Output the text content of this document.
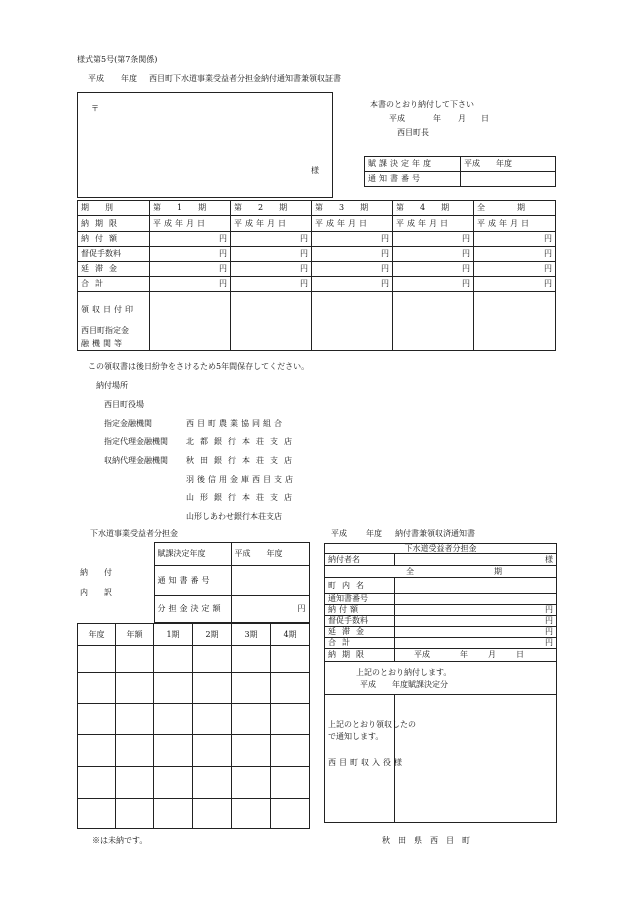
様式第5号(第7条関係)
平成 年度 西目町下水道事業受益者分担金納付通知書兼領収証書
〒
様
本書のとおり納付して下さい
平成	年 月 日
西目町長
賦課決定年度	平成　　年度
通知書番号	
期　　別	第　　1　　期	第　　2　　期	第　　3　　期	第　　4　　期	全　　　　期
納期限	平成年月日	平成年月日	平成年月日	平成年月日	平成年月日
納付額	円	円	円	円	円
督促手数料	円	円	円	円	円
延滞金	円	円	円	円	円
合計	円	円	円	円	円

領収日付印
西目町指定金
融機関等					

この領収書は後日紛争をさけるため5年間保存してください。
納付場所
西目町役場
指定金融機関	西目町農業協同組合
指定代理金融機関 北都銀行本荘支店
収納代理金融機関 秋田銀行本荘支店
羽後信用金庫西目支店
山形銀行本荘支店
山形しあわせ銀行本荘支店
下水道事業受益者分担金
納　　付
内　　訳	賦課決定年度	平成　　年度
	通知書番号	
	分担金決定額	円
年度	年額	1期	2期	3期	4期

※は未納です。
平成 年度 納付書兼領収済通知書
下水道受益者分担金	
納付者名	様
全 期	
町内名	
通知書番号	
納付額	円
督促手数料	円
延滞金	円
合計	円
納期限	平成 年 月 日

上記のとおり納付します。
平成　　年度賦課決定分	

上記のとおり領収したの
で通知します。
西目町収入役様	

秋　田　県　西　目　町
